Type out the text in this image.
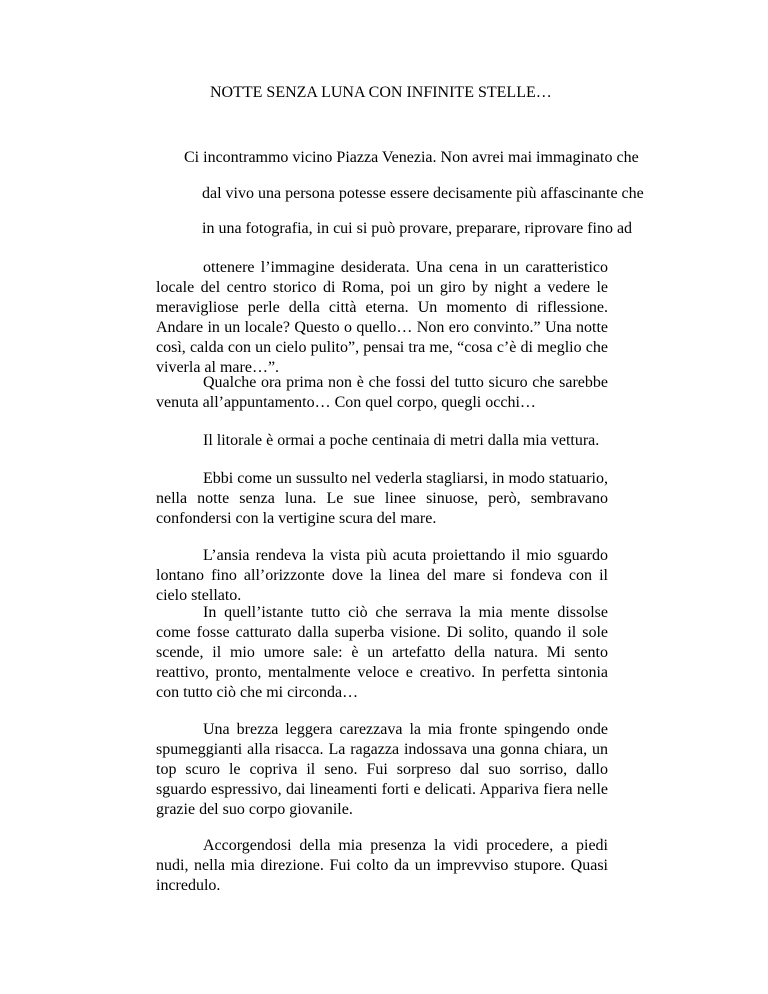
NOTTE SENZA LUNA CON INFINITE STELLE…

Ci incontrammo vicino Piazza Venezia. Non avrei mai immaginato che

dal vivo una persona potesse essere decisamente più affascinante che

in una fotografia, in cui si può provare, preparare, riprovare fino ad

ottenere l’immagine desiderata. Una cena in un caratteristico locale del centro storico di Roma, poi un giro by night a vedere le meravigliose perle della città eterna. Un momento di riflessione. Andare in un locale? Questo o quello… Non ero convinto.” Una notte così, calda con un cielo pulito”, pensai tra me, “cosa c’è di meglio che viverla al mare…”.

Qualche ora prima non è che fossi del tutto sicuro che sarebbe venuta all’appuntamento… Con quel corpo, quegli occhi…

Il litorale è ormai a poche centinaia di metri dalla mia vettura.

Ebbi come un sussulto nel vederla stagliarsi, in modo statuario, nella notte senza luna. Le sue linee sinuose, però, sembravano confondersi con la vertigine scura del mare.

L’ansia rendeva la vista più acuta proiettando il mio sguardo lontano fino all’orizzonte dove la linea del mare si fondeva con il cielo stellato.

In quell’istante tutto ciò che serrava la mia mente dissolse come fosse catturato dalla superba visione. Di solito, quando il sole scende, il mio umore sale: è un artefatto della natura. Mi sento reattivo, pronto, mentalmente veloce e creativo. In perfetta sintonia con tutto ciò che mi circonda…

Una brezza leggera carezzava la mia fronte spingendo onde spumeggianti alla risacca. La ragazza indossava una gonna chiara, un top scuro le copriva il seno. Fui sorpreso dal suo sorriso, dallo sguardo espressivo, dai lineamenti forti e delicati. Appariva fiera nelle grazie del suo corpo giovanile.

Accorgendosi della mia presenza la vidi procedere, a piedi nudi, nella mia direzione. Fui colto da un imprevviso stupore. Quasi incredulo.
